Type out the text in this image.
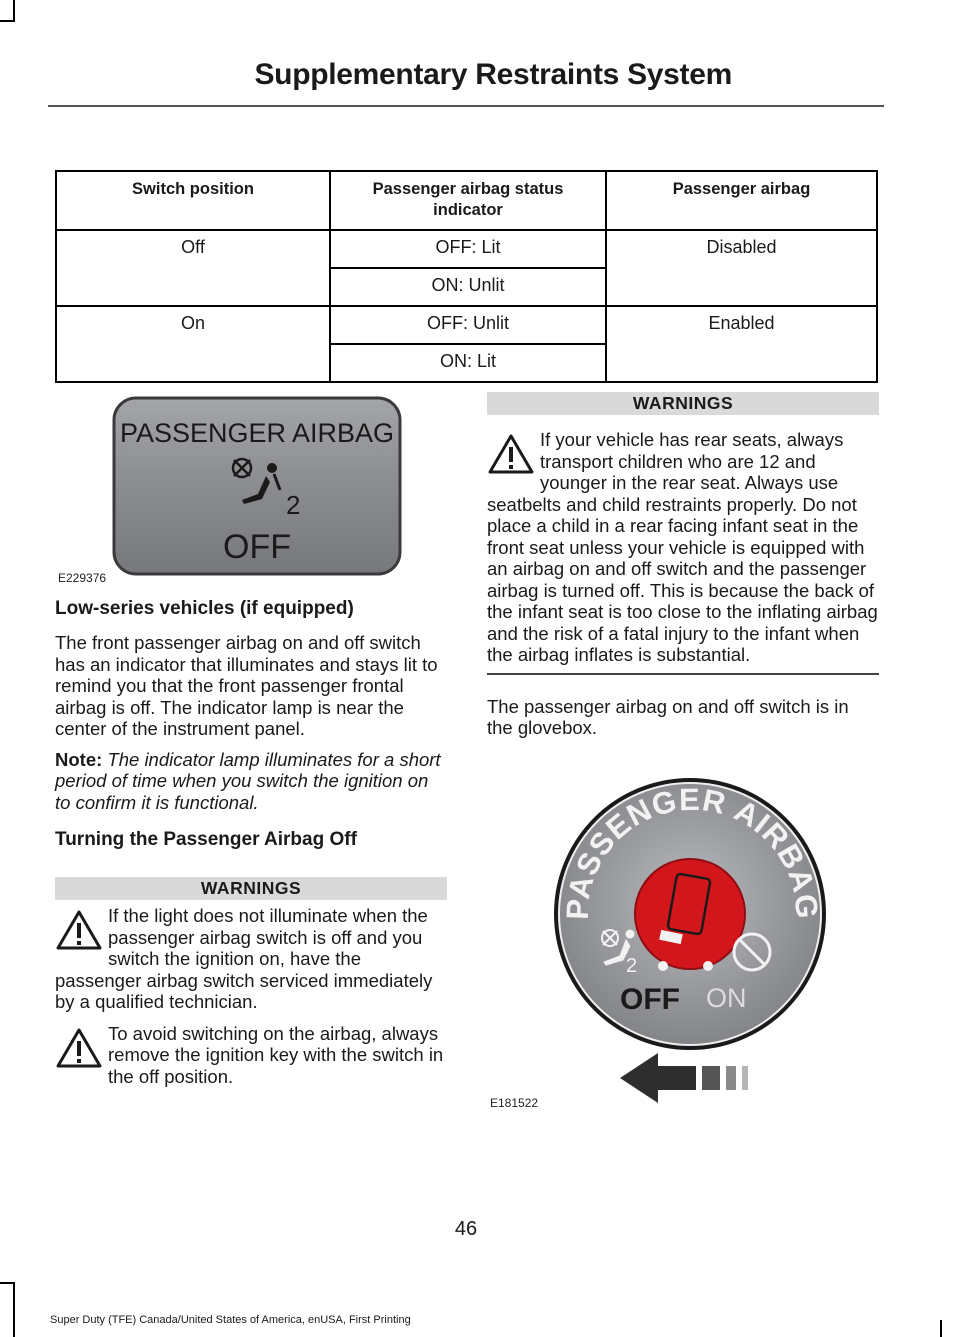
Supplementary Restraints System
Switch position	Passenger airbag status indicator	Passenger airbag
Off	OFF: Lit	Disabled
	ON: Unlit	
On	OFF: Unlit	Enabled
	ON: Lit	
PASSENGER AIRBAG
2
OFF
E229376

Low-series vehicles (if equipped)

The front passenger airbag on and off switch has an indicator that illuminates and stays lit to remind you that the front passenger frontal airbag is off. The indicator lamp is near the center of the instrument panel.

Note: The indicator lamp illuminates for a short period of time when you switch the ignition on to confirm it is functional.

Turning the Passenger Airbag Off

WARNINGS
If the light does not illuminate when the passenger airbag switch is off and you switch the ignition on, have the passenger airbag switch serviced immediately by a qualified technician.
To avoid switching on the airbag, always remove the ignition key with the switch in the off position.
WARNINGS
If your vehicle has rear seats, always transport children who are 12 and younger in the rear seat. Always use seatbelts and child restraints properly. Do not place a child in a rear facing infant seat in the front seat unless your vehicle is equipped with an airbag on and off switch and the passenger airbag is turned off. This is because the back of the infant seat is too close to the inflating airbag and the risk of a fatal injury to the infant when the airbag inflates is substantial.

The passenger airbag on and off switch is in the glovebox.

PASSENGER AIRBAG
2
OFF ON
E181522
46
Super Duty (TFE) Canada/United States of America, enUSA, First Printing
